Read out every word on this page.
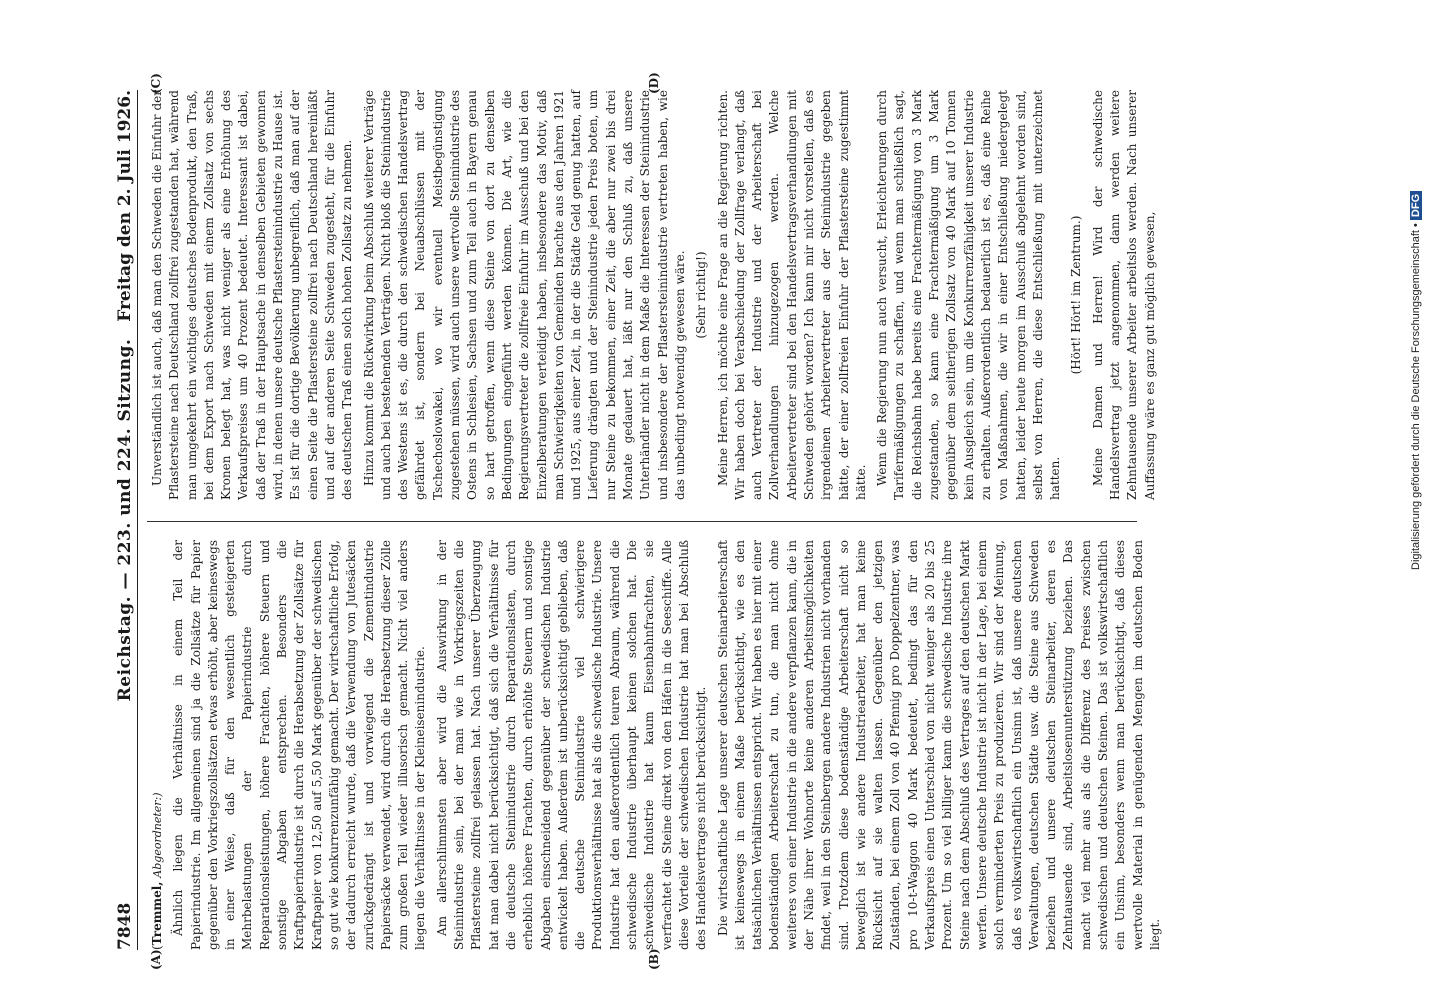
7848
Reichstag. — 223. und 224. Sitzung.
Freitag den 2. Juli 1926.
(A)	(B)
(C)	(D)

(Tremmel, Abgeordneter:) Ähnlich liegen die Verhältnisse in einem Teil der Papierindustrie. Im allgemeinen sind ja die Zollsätze für Papier gegenüber den Vorkriegszollsätzen etwas erhöht, aber keineswegs in einer Weise, daß für den wesentlich gesteigerten Mehrbelastungen der Papierindustrie durch Reparationsleistungen, höhere Frachten, höhere Steuern und sonstige Abgaben entsprechen. Besonders die Kraftpapierindustrie ist durch die Herabsetzung der Zollsätze für Kraftpapier von 12,50 auf 5,50 Mark gegenüber der schwedischen so gut wie konkurrenzunfähig gemacht. Der wirtschaftliche Erfolg, der dadurch erreicht wurde, daß die Verwendung von Jutesäcken zurückgedrängt ist und vorwiegend die Zementindustrie Papiersäcke verwendet, wird durch die Herabsetzung dieser Zölle zum großen Teil wieder illusorisch gemacht. Nicht viel anders liegen die Verhältnisse in der Kleineisenindustrie. Am allerschlimmsten aber wird die Auswirkung in der Steinindustrie sein, bei der man wie in Vorkriegszeiten die Pflastersteine zollfrei gelassen hat. Nach unserer Überzeugung hat man dabei nicht berücksichtigt, daß sich die Verhältnisse für die deutsche Steinindustrie durch Reparationslasten, durch erheblich höhere Frachten, durch erhöhte Steuern und sonstige Abgaben einschneidend gegenüber der schwedischen Industrie entwickelt haben. Außerdem ist unberücksichtigt geblieben, daß die deutsche Steinindustrie viel schwierigere Produktionsverhältnisse hat als die schwedische Industrie. Unsere Industrie hat den außerordentlich teuren Abraum, während die schwedische Industrie überhaupt keinen solchen hat. Die schwedische Industrie hat kaum Eisenbahnfrachten, sie verfrachtet die Steine direkt von den Häfen in die Seeschiffe. Alle diese Vorteile der schwedischen Industrie hat man bei Abschluß des Handelsvertrages nicht berücksichtigt. Die wirtschaftliche Lage unserer deutschen Steinarbeiterschaft ist keineswegs in einem Maße berücksichtigt, wie es den tatsächlichen Verhältnissen entspricht. Wir haben es hier mit einer bodenständigen Arbeiterschaft zu tun, die man nicht ohne weiteres von einer Industrie in die andere verpflanzen kann, die in der Nähe ihrer Wohnorte keine anderen Arbeitsmöglichkeiten findet, weil in den Steinbergen andere Industrien nicht vorhanden sind. Trotzdem diese bodenständige Arbeiterschaft nicht so beweglich ist wie andere Industriearbeiter, hat man keine Rücksicht auf sie walten lassen. Gegenüber den jetzigen Zuständen, bei einem Zoll von 40 Pfennig pro Doppelzentner, was pro 10-t-Waggon 40 Mark bedeutet, bedingt das für den Verkaufspreis einen Unterschied von nicht weniger als 20 bis 25 Prozent. Um so viel billiger kann die schwedische Industrie ihre Steine nach dem Abschluß des Vertrages auf den deutschen Markt werfen. Unsere deutsche Industrie ist nicht in der Lage, bei einem solch verminderten Preis zu produzieren. Wir sind der Meinung, daß es volkswirtschaftlich ein Unsinn ist, daß unsere deutschen Verwaltungen, deutschen Städte usw. die Steine aus Schweden beziehen und unsere deutschen Steinarbeiter, deren es Zehntausende sind, Arbeitslosenunterstützung beziehen. Das macht viel mehr aus als die Differenz des Preises zwischen schwedischen und deutschen Steinen. Das ist volkswirtschaftlich ein Unsinn, besonders wenn man berücksichtigt, daß dieses wertvolle Material in genügenden Mengen im deutschen Boden liegt.

Unverständlich ist auch, daß man den Schweden die Einfuhr der Pflastersteine nach Deutschland zollfrei zugestanden hat, während man umgekehrt ein wichtiges deutsches Bodenprodukt, den Traß, bei dem Export nach Schweden mit einem Zollsatz von sechs Kronen belegt hat, was nicht weniger als eine Erhöhung des Verkaufspreises um 40 Prozent bedeutet. Interessant ist dabei, daß der Traß in der Hauptsache in denselben Gebieten gewonnen wird, in denen unsere deutsche Pflastersteinindustrie zu Hause ist. Es ist für die dortige Bevölkerung unbegreiflich, daß man auf der einen Seite die Pflastersteine zollfrei nach Deutschland hereinläßt und auf der anderen Seite Schweden zugesteht, für die Einfuhr des deutschen Traß einen solch hohen Zollsatz zu nehmen. Hinzu kommt die Rückwirkung beim Abschluß weiterer Verträge und auch bei bestehenden Verträgen. Nicht bloß die Steinindustrie des Westens ist es, die durch den schwedischen Handelsvertrag gefährdet ist, sondern bei Neuabschlüssen mit der Tschechoslowakei, wo wir eventuell Meistbegünstigung zugestehen müssen, wird auch unsere wertvolle Steinindustrie des Ostens in Schlesien, Sachsen und zum Teil auch in Bayern genau so hart getroffen, wenn diese Steine von dort zu denselben Bedingungen eingeführt werden können. Die Art, wie die Regierungsvertreter die zollfreie Einfuhr im Ausschuß und bei den Einzelberatungen verteidigt haben, insbesondere das Motiv, daß man Schwierigkeiten von Gemeinden brachte aus den Jahren 1921 und 1925, aus einer Zeit, in der die Städte Geld genug hatten, auf Lieferung drängten und der Steinindustrie jeden Preis boten, um nur Steine zu bekommen, einer Zeit, die aber nur zwei bis drei Monate gedauert hat, läßt nur den Schluß zu, daß unsere Unterhändler nicht in dem Maße die Interessen der Steinindustrie und insbesondere der Pflastersteinindustrie vertreten haben, wie das unbedingt notwendig gewesen wäre. (Sehr richtig!) Meine Herren, ich möchte eine Frage an die Regierung richten. Wir haben doch bei Verabschiedung der Zollfrage verlangt, daß auch Vertreter der Industrie und der Arbeiterschaft bei Zollverhandlungen hinzugezogen werden. Welche Arbeitervertreter sind bei den Handelsvertragsverhandlungen mit Schweden gehört worden? Ich kann mir nicht vorstellen, daß es irgendeinen Arbeitervertreter aus der Steinindustrie gegeben hätte, der einer zollfreien Einfuhr der Pflastersteine zugestimmt hätte. Wenn die Regierung nun auch versucht, Erleichterungen durch Tarifermäßigungen zu schaffen, und wenn man schließlich sagt, die Reichsbahn habe bereits eine Frachtermäßigung von 3 Mark zugestanden, so kann eine Frachtermäßigung um 3 Mark gegenüber dem seitherigen Zollsatz von 40 Mark auf 10 Tonnen kein Ausgleich sein, um die Konkurrenzfähigkeit unserer Industrie zu erhalten. Außerordentlich bedauerlich ist es, daß eine Reihe von Maßnahmen, die wir in einer Entschließung niedergelegt hatten, leider heute morgen im Ausschuß abgelehnt worden sind, selbst von Herren, die diese Entschließung mit unterzeichnet hatten.

(Hört! Hört! im Zentrum.) Meine Damen und Herren! Wird der schwedische Handelsvertrag jetzt angenommen, dann werden weitere Zehntausende unserer Arbeiter arbeitslos werden. Nach unserer Auffassung wäre es ganz gut möglich gewesen,	Digitalisierung gefördert durch die Deutsche Forschungsgemeinschaft • DFG
